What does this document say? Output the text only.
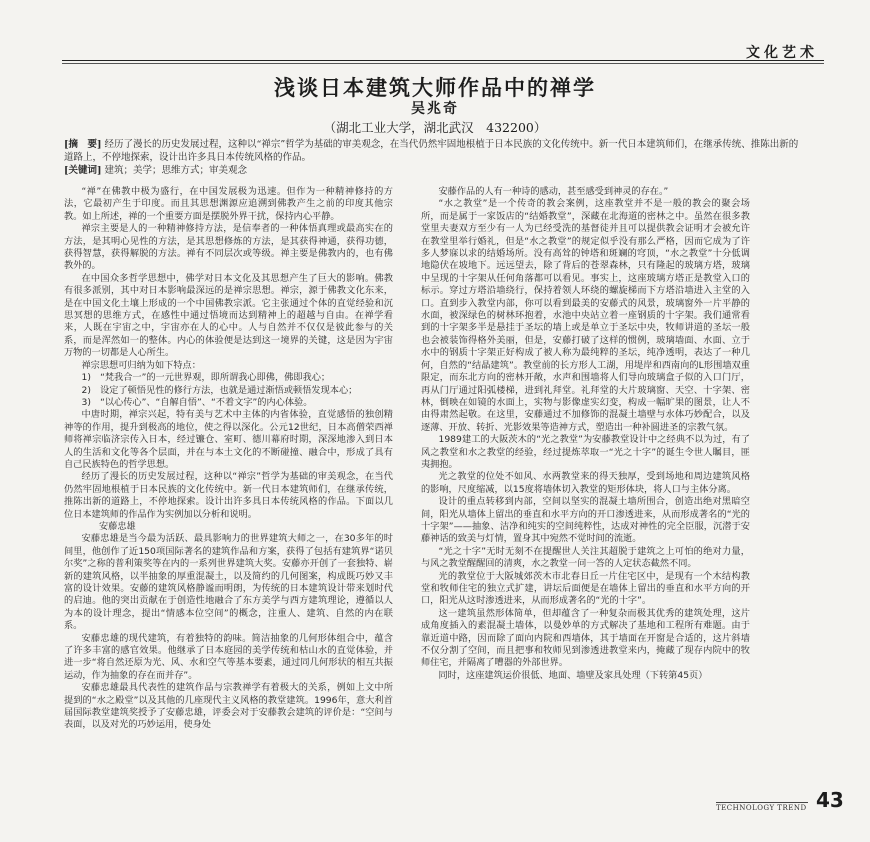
文化艺术
浅谈日本建筑大师作品中的禅学
吴兆奇
（湖北工业大学，湖北武汉　432200）
[摘　要] 经历了漫长的历史发展过程，这种以“禅宗”哲学为基础的审美观念，在当代仍然牢固地根植于日本民族的文化传统中。新一代日本建筑师们，在继承传统、推陈出新的道路上，不停地探索，设计出许多具日本传统风格的作品。
[关键词] 建筑；美学；思维方式；审美观念

“禅”在佛教中极为盛行，在中国发展极为迅速。但作为一种精神修持的方法，它最初产生于印度。而且其思想渊源应追溯到佛教产生之前的印度其他宗教。如上所述，禅的一个重要方面是摆脱外界干扰，保持内心平静。

禅宗主要是人的一种精神修持方法，是信奉者的一种体悟真理或最高实在的方法，是其明心见性的方法，是其思想修炼的方法，是其获得神通，获得功德，获得智慧，获得解脱的方法。禅有不同层次或等级。禅主要是佛教内的，也有佛教外的。

在中国众多哲学思想中，佛学对日本文化及其思想产生了巨大的影响。佛教有很多派别，其中对日本影响最深远的是禅宗思想。禅宗，源于佛教文化东来，是在中国文化土壤上形成的一个中国佛教宗派。它主张通过个体的直觉经验和沉思冥想的思维方式，在感性中通过悟境而达到精神上的超越与自由。在禅学看来，人既在宇宙之中，宇宙亦在人的心中。人与自然并不仅仅是彼此参与的关系，而是浑然如一的整体。内心的体验便是达到这一境界的关键，这是因为宇宙万物的一切都是人心所生。

禅宗思想可归纳为如下特点：

1)　“梵我合一”的一元世界观，即所谓我心即佛，佛即我心；

2)　设定了顿悟见性的修行方法，也就是通过渐悟或顿悟发现本心；

3)　“以心传心”、“自解自悟”、“不着文字”的内心体验。

中唐时期，禅宗兴起，特有美与艺术中主体的内省体验，直觉感悟的独创精神等的作用，提升到极高的地位，使之得以深化。公元12世纪，日本高僧荣西禅师将禅宗临济宗传入日本，经过镰仓、室町、德川幕府时期，深深地渗入到日本人的生活和文化等各个层面，并在与本土文化的不断碰撞、融合中，形成了具有自己民族特色的哲学思想。

经历了漫长的历史发展过程，这种以“禅宗”哲学为基础的审美观念，在当代仍然牢固地根植于日本民族的文化传统中。新一代日本建筑师们，在继承传统，推陈出新的道路上，不停地探索。设计出许多具日本传统风格的作品。下面以几位日本建筑师的作品作为实例加以分析和说明。

安藤忠雄

安藤忠雄是当今最为活跃、最具影响力的世界建筑大师之一，在30多年的时间里，他创作了近150项国际著名的建筑作品和方案，获得了包括有建筑界“诺贝尔奖”之称的普利策奖等在内的一系列世界建筑大奖。安藤亦开创了一套独特、崭新的建筑风格，以半抽象的厚重混凝土，以及简约的几何图案，构成既巧妙又丰富的设计效果。安藤的建筑风格静谧而明朗，为传统的日本建筑设计带来划时代的启迪。他的突出贡献在于创造性地融合了东方美学与西方建筑理论，遵循以人为本的设计理念，提出“情感本位空间”的概念，注重人、建筑、自然的内在联系。

安藤忠雄的现代建筑，有着独特的韵味。简洁抽象的几何形体组合中，蕴含了许多丰富的感官效果。他继承了日本庭园的美学传统和枯山水的直觉体验，并进一步“将自然还原为光、风、水和空气等基本要素，通过同几何形状的相互共振运动，作为抽象的存在而并存”。

安藤忠雄最具代表性的建筑作品与宗教禅学有着极大的关系，例如上文中所提到的“水之殿堂”以及其他的几座现代主义风格的教堂建筑。1996年，意大利首届国际教堂建筑奖授予了安藤忠雄，评委会对于安藤教会建筑的评价是：“空间与表面，以及对光的巧妙运用，使身处

安藤作品的人有一种诗的感动，甚至感受到神灵的存在。”

“水之教堂”是一个传奇的教会案例，这座教堂并不是一般的教会的聚会场所，而是属于一家饭店的“结婚教堂”，深藏在北海道的密林之中。虽然在很多教堂里夫妻双方至少有一人为已经受洗的基督徒并且可以提供教会证明才会被允许在教堂里举行婚礼，但是“水之教堂”的规定似乎没有那么严格，因而它成为了许多人梦寐以求的结婚场所。没有高耸的钟塔和斑斓的穹顶，“水之教堂”十分低调地隐伏在坡地下。远远望去，除了背后的苍翠森林，只有隆起的玻璃方塔，玻璃中呈现的十字架从任何角落都可以看见。事实上，这座玻璃方塔正是教堂入口的标示。穿过方塔沿墙绕行，保持着领人环绕的螺旋梯而下方塔沿墙进入主堂的入口。直到步入教堂内部，你可以看到最美的安藤式的风景，玻璃窗外一片平静的水面，被深绿色的树林环抱着，水池中央站立着一座钢质的十字架。我们通常看到的十字架多半是悬挂于圣坛的墙上或是单立于圣坛中央，牧师讲道的圣坛一般也会被装饰得格外美丽，但是，安藤打破了这样的惯例，玻璃墙面、水面、立于水中的钢质十字架正好构成了被人称为最纯粹的圣坛，纯净透明，表达了一种几何，自然的“结晶建筑”。教堂前的长方形人工湖，用堤岸和西南向的L形围墙双重限定，而东北方向的密林开敞，水声和围墙将人们导向玻璃盒子似的入口门厅，再从门厅通过阳弧楼梯，进到礼拜堂。礼拜堂的大片玻璃窗、天空、十字架、密林，倒映在如镜的水面上，实物与影像虚实幻变，构成一幅旷果的图景，让人不由得肃然起敬。在这里，安藤通过不加修饰的混凝土墙壁与水体巧妙配合，以及逐薄、开放、转折、光影效果等造神方式，塑造出一种补圆进圣的宗教气氛。

1989建工的大阪茨木的“光之教堂”为安藤教堂设计中之经典不以为过，有了风之教堂和水之教堂的经验，经过提炼萃取一“光之十字”的诞生令世人瞩目，匪夷拥抱。

光之教堂的位处不如风、水两教堂来的得天独厚，受到场地和周边建筑风格的影响，尺度缩减，以15度将墙体切入教堂的矩形体块，将人口与主体分离。

设计的重点转移到内部，空间以坚实的混凝土墙所围合，创造出绝对黑暗空间，阳光从墙体上留出的垂直和水平方向的开口渗透进来，从而形成著名的“光的十字架”——抽象、洁净和纯实的空间纯粹性，达成对神性的完全臣服，沉潜于安藤神话的致美与灯情，置身其中宛然不觉时间的流逝。

“光之十字”无时无刻不在提醒世人关注其超脱于建筑之上可怕的绝对力量，与风之教堂醒醒回的清爽，水之教堂一问一答的人定状态截然不同。

光的教堂位于大阪城郊茨木市北春日丘一片住宅区中，是现有一个木结构教堂和牧师住宅的独立式扩建，讲坛后面便是在墙体上留出的垂直和水平方向的开口，阳光从这时渗透进来，从而形成著名的“光的十字”。

这一建筑虽然形体简单，但却蕴含了一种复杂而极其优秀的建筑处理，这片成角度插入的素混凝土墙体，以曼妙单的方式解决了基地和工程所有难题。由于靠近道中路，因而除了面向内院和西墙体，其于墙面在开窗是合适的，这片斜墙不仅分割了空间，而且把事和牧师见到渗透进教堂来内，掩藏了现存内院中的牧师住宅，并隔离了嘈器的外部世界。

同时，这座建筑运价很低、地面、墙壁及家具处理（下转第45页）

TECHNOLOGY TREND 43
